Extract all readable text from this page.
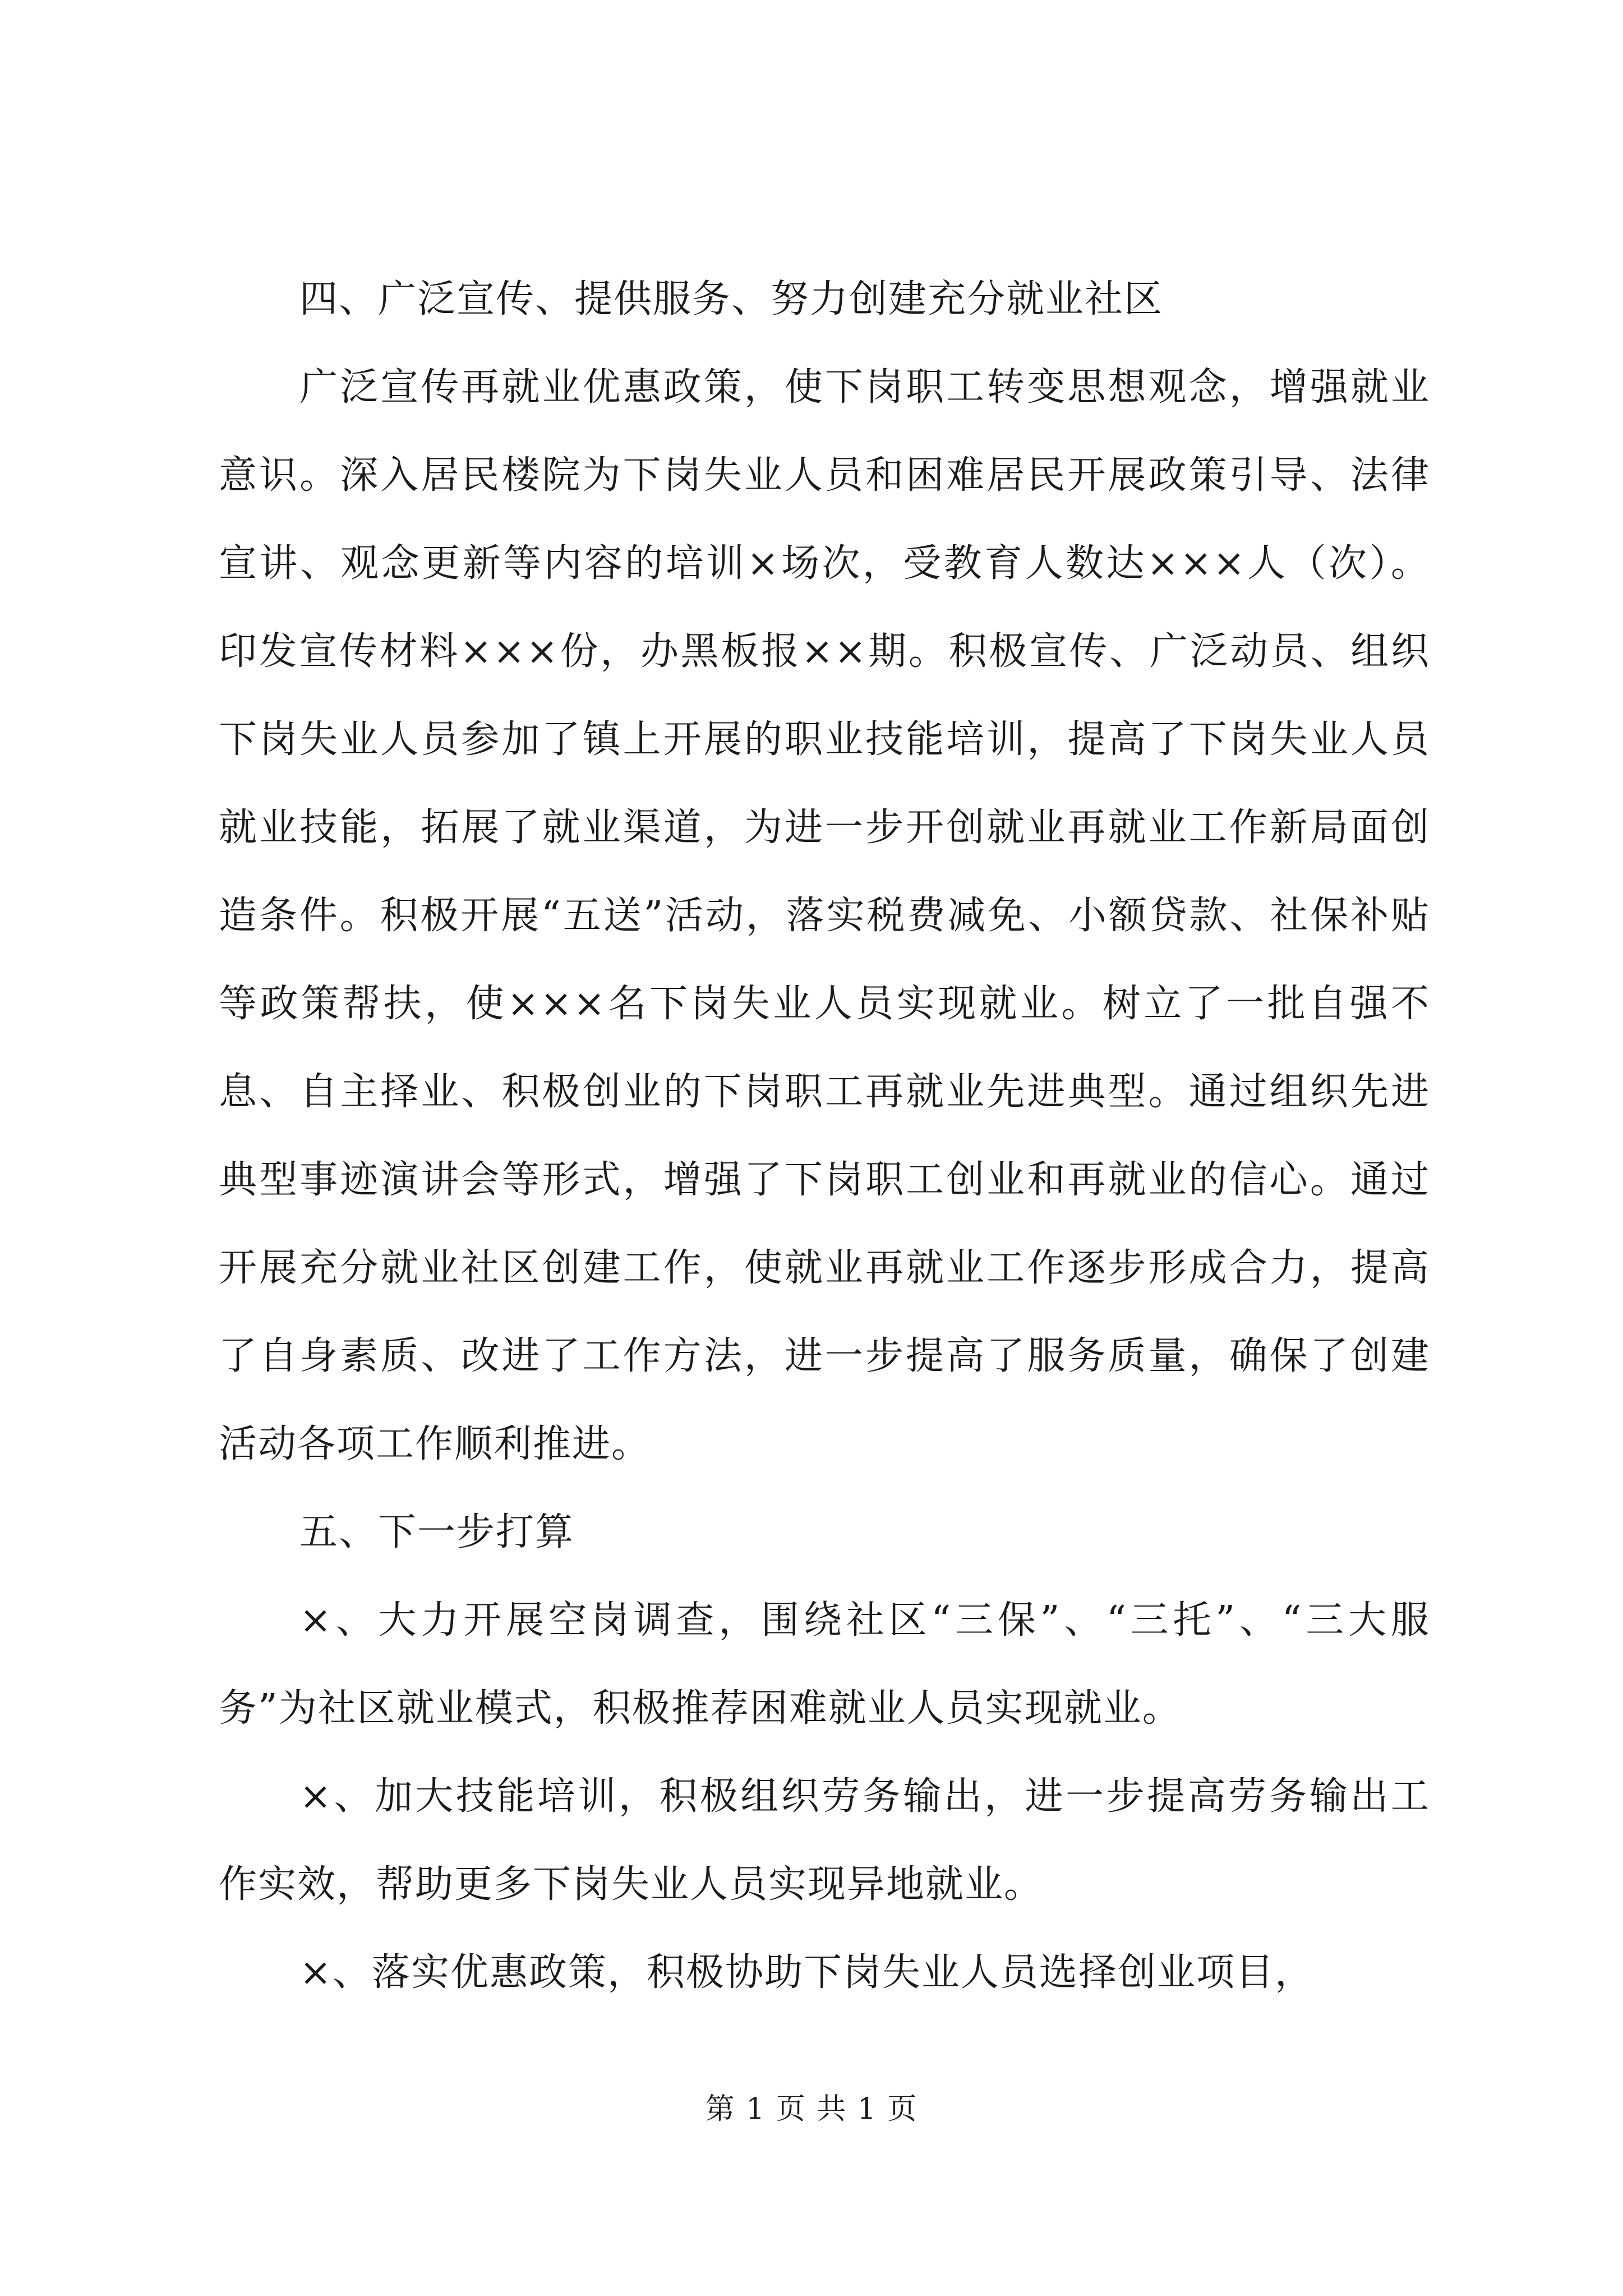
四、广泛宣传、提供服务、努力创建充分就业社区

广泛宣传再就业优惠政策，使下岗职工转变思想观念，增强就业意识。深入居民楼院为下岗失业人员和困难居民开展政策引导、法律宣讲、观念更新等内容的培训×场次，受教育人数达×××人（次）。印发宣传材料×××份，办黑板报××期。积极宣传、广泛动员、组织下岗失业人员参加了镇上开展的职业技能培训，提高了下岗失业人员就业技能，拓展了就业渠道，为进一步开创就业再就业工作新局面创造条件。积极开展“五送”活动，落实税费减免、小额贷款、社保补贴等政策帮扶，使×××名下岗失业人员实现就业。树立了一批自强不息、自主择业、积极创业的下岗职工再就业先进典型。通过组织先进典型事迹演讲会等形式，增强了下岗职工创业和再就业的信心。通过开展充分就业社区创建工作，使就业再就业工作逐步形成合力，提高了自身素质、改进了工作方法，进一步提高了服务质量，确保了创建活动各项工作顺利推进。

五、下一步打算

×、大力开展空岗调查，围绕社区“三保”、“三托”、“三大服务”为社区就业模式，积极推荐困难就业人员实现就业。

×、加大技能培训，积极组织劳务输出，进一步提高劳务输出工作实效，帮助更多下岗失业人员实现异地就业。

×、落实优惠政策，积极协助下岗失业人员选择创业项目，

第 1 页 共 1 页
